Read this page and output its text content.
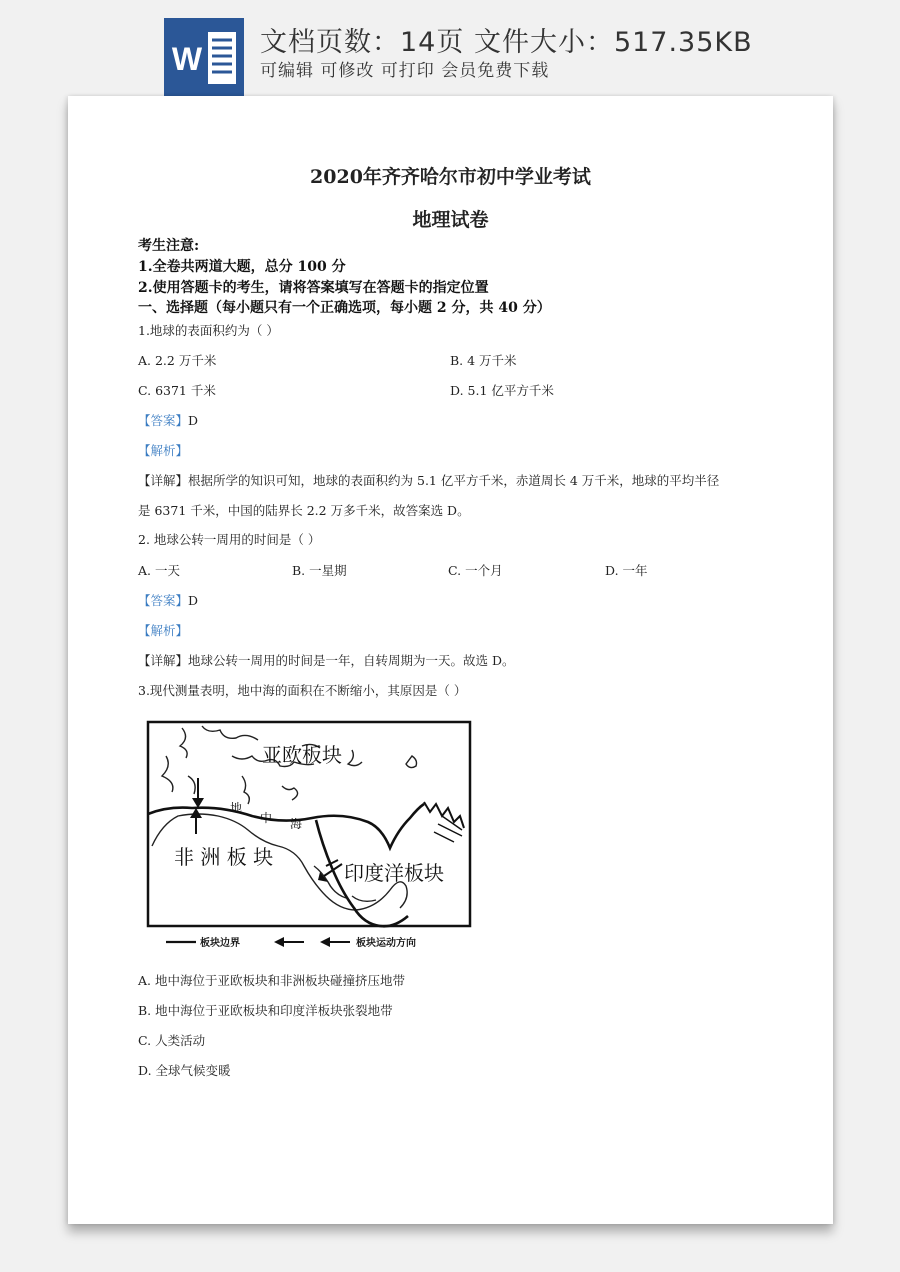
W 文档页数：14页 文件大小：517.35KB
可编辑 可修改 可打印 会员免费下载
2020年齐齐哈尔市初中学业考试
地理试卷
考生注意:
1.全卷共两道大题，总分 100 分
2.使用答题卡的考生，请将答案填写在答题卡的指定位置
一、选择题（每小题只有一个正确选项，每小题 2 分，共 40 分）
1.地球的表面积约为（ ）
A. 2.2 万千米	B. 4 万千米
C. 6371 千米	D. 5.1 亿平方千米
【答案】D
【解析】
【详解】根据所学的知识可知，地球的表面积约为 5.1 亿平方千米，赤道周长 4 万千米，地球的平均半径
是 6371 千米，中国的陆界长 2.2 万多千米，故答案选 D。
2. 地球公转一周用的时间是（ ）
A. 一天	B. 一星期	C. 一个月	D. 一年
【答案】D
【解析】
【详解】地球公转一周用的时间是一年，自转周期为一天。故选 D。
3.现代测量表明，地中海的面积在不断缩小，其原因是（ ）
亚欧板块
地
中 海
非 洲 板 块
印度洋板块
板块边界	板块运动方向
A. 地中海位于亚欧板块和非洲板块碰撞挤压地带
B. 地中海位于亚欧板块和印度洋板块张裂地带
C. 人类活动
D. 全球气候变暖
